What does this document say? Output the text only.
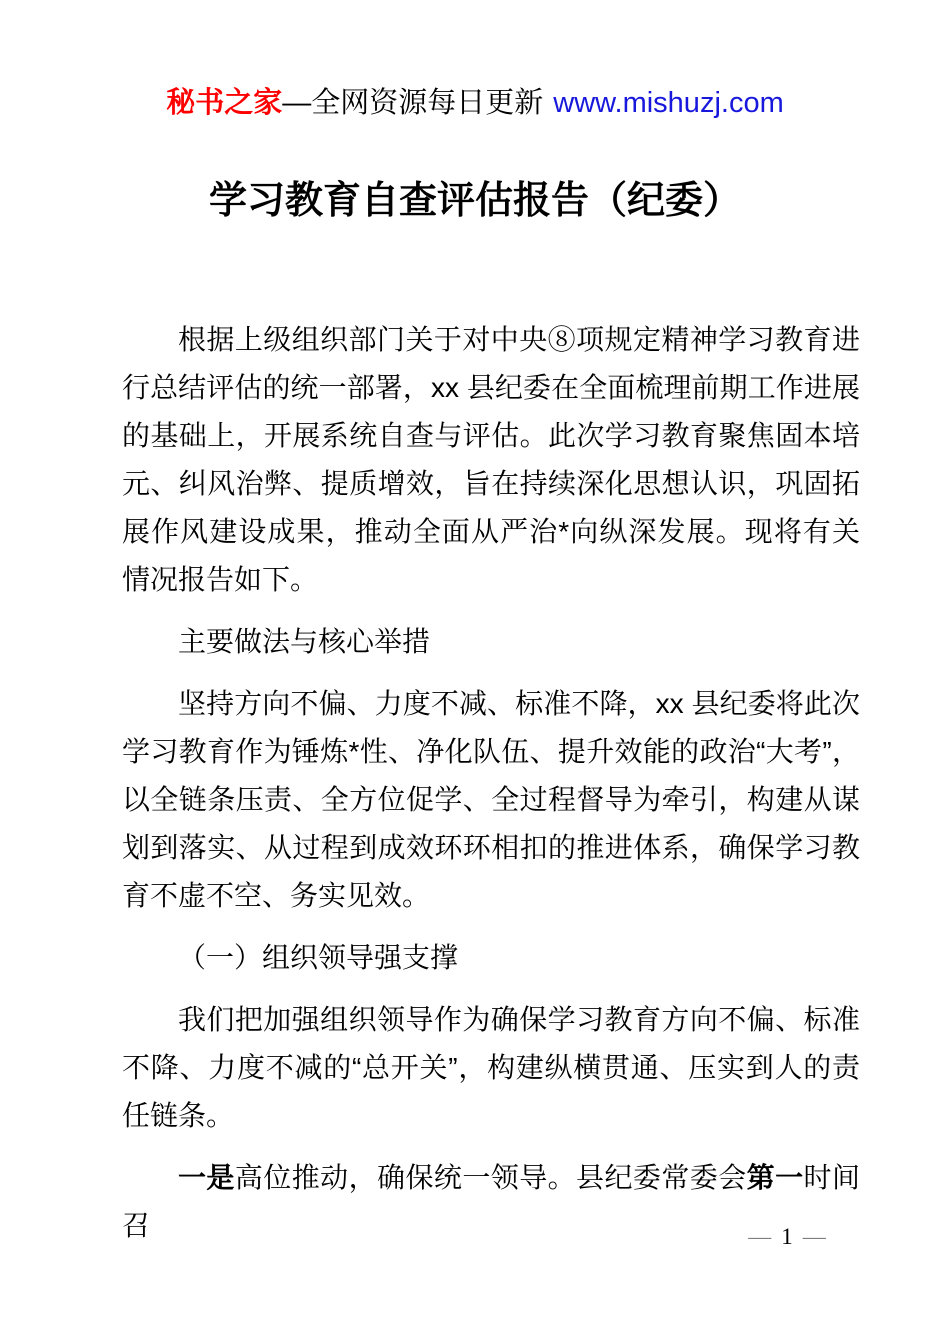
秘书之家—全网资源每日更新 www.mishuzj.com
学习教育自查评估报告（纪委）

根据上级组织部门关于对中央⑧项规定精神学习教育进行总结评估的统一部署，xx 县纪委在全面梳理前期工作进展的基础上，开展系统自查与评估。此次学习教育聚焦固本培元、纠风治弊、提质增效，旨在持续深化思想认识，巩固拓展作风建设成果，推动全面从严治*向纵深发展。现将有关情况报告如下。

主要做法与核心举措

坚持方向不偏、力度不减、标准不降，xx 县纪委将此次学习教育作为锤炼*性、净化队伍、提升效能的政治“大考”，以全链条压责、全方位促学、全过程督导为牵引，构建从谋划到落实、从过程到成效环环相扣的推进体系，确保学习教育不虚不空、务实见效。

（一）组织领导强支撑

我们把加强组织领导作为确保学习教育方向不偏、标准不降、力度不减的“总开关”，构建纵横贯通、压实到人的责任链条。

一是高位推动，确保统一领导。县纪委常委会第一时间召	— 1 —
